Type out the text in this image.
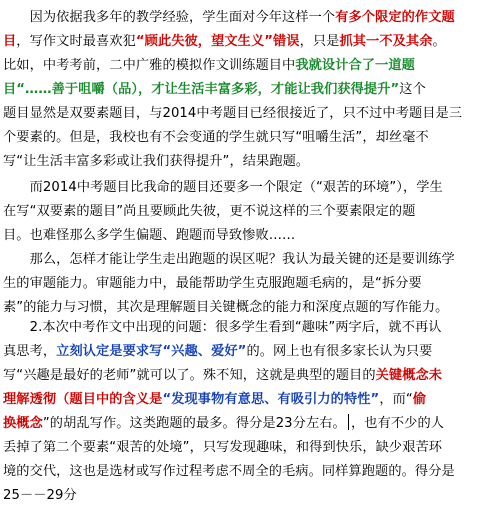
　　因为依据我多年的教学经验，学生面对今年这样一个有多个限定的作文题
目，写作文时最喜欢犯“顾此失彼，望文生义”错误，只是抓其一不及其余。
比如，中考考前，二中广雅的模拟作文训练题目中我就设计合了一道题
目“……善于咀嚼（品），才让生活丰富多彩，才能让我们获得提升”这个
题目显然是双要素题目，与2014中考题目已经很接近了，只不过中考题目是三
个要素的。但是，我校也有不会变通的学生就只写“咀嚼生活”，却丝毫不
写“让生活丰富多彩或让我们获得提升”，结果跑题。
　　而2014中考题目比我命的题目还要多一个限定（“艰苦的环境”），学生
在写“双要素的题目”尚且要顾此失彼，更不说这样的三个要素限定的题
目。也难怪那么多学生偏题、跑题而导致惨败……
　　那么，怎样才能让学生走出跑题的误区呢？我认为最关键的还是要训练学
生的审题能力。审题能力中，最能帮助学生克服跑题毛病的，是“拆分要
素”的能力与习惯，其次是理解题目关键概念的能力和深度点题的写作能力。
　　2.本次中考作文中出现的问题：很多学生看到“趣味”两字后，就不再认
真思考，立刻认定是要求写“兴趣、爱好”的。网上也有很多家长认为只要
写“兴趣是最好的老师”就可以了。殊不知，这就是典型的题目的关键概念未
理解透彻（题目中的含义是“发现事物有意思、有吸引力的特性”，而“偷
换概念”的胡乱写作。这类跑题的最多。得分是23分左右。 ，也有不少的人
丢掉了第二个要素“艰苦的处境”，只写发现趣味，和得到快乐，缺少艰苦环
境的交代，这也是选材或写作过程考虑不周全的毛病。同样算跑题的。得分是
25－－29分
